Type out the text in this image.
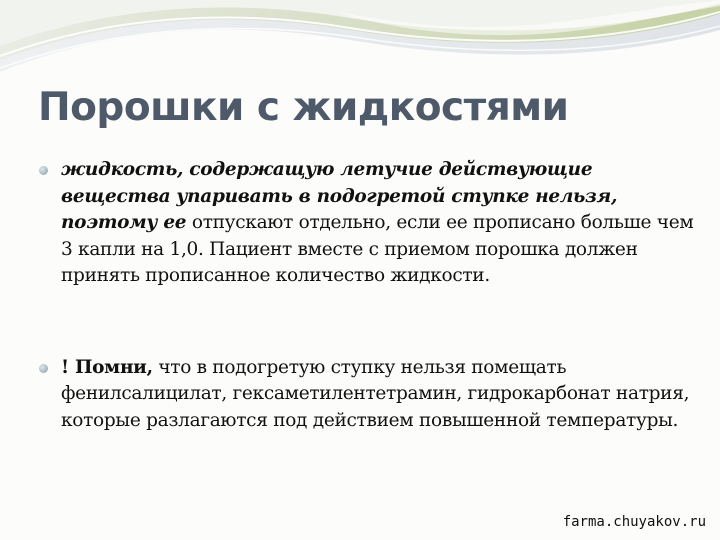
Порошки с жидкостями
жидкость, содержащую летучие действующие вещества упаривать в подогретой ступке нельзя, поэтому ее отпускают отдельно, если ее прописано больше чем 3 капли на 1,0. Пациент вместе с приемом порошка должен принять прописанное количество жидкости.
! Помни, что в подогретую ступку нельзя помещать фенилсалицилат, гексаметилентетрамин, гидрокарбонат натрия, которые разлагаются под действием повышенной температуры.
farma.chuyakov.ru
